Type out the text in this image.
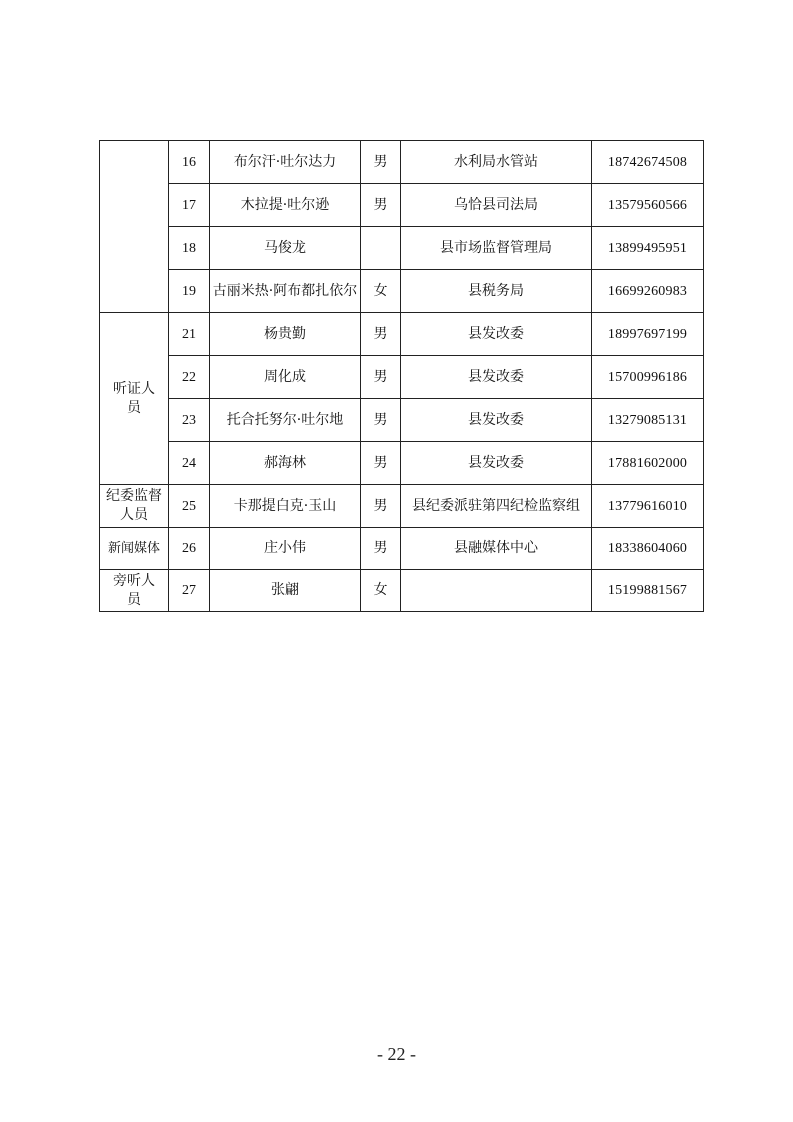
	16	布尔汗·吐尔达力	男	水利局水管站	18742674508
	17	木拉提·吐尔逊	男	乌恰县司法局	13579560566
	18	马俊龙		县市场监督管理局	13899495951
	19	古丽米热·阿布都扎依尔	女	县税务局	16699260983
听证人员	21	杨贵勤	男	县发改委	18997697199
	22	周化成	男	县发改委	15700996186
	23	托合托努尔·吐尔地	男	县发改委	13279085131
	24	郝海林	男	县发改委	17881602000
纪委监督人员	25	卡那提白克·玉山	男	县纪委派驻第四纪检监察组	13779616010
新闻媒体	26	庄小伟	男	县融媒体中心	18338604060
旁听人员	27	张翩	女		15199881567
- 22 -
